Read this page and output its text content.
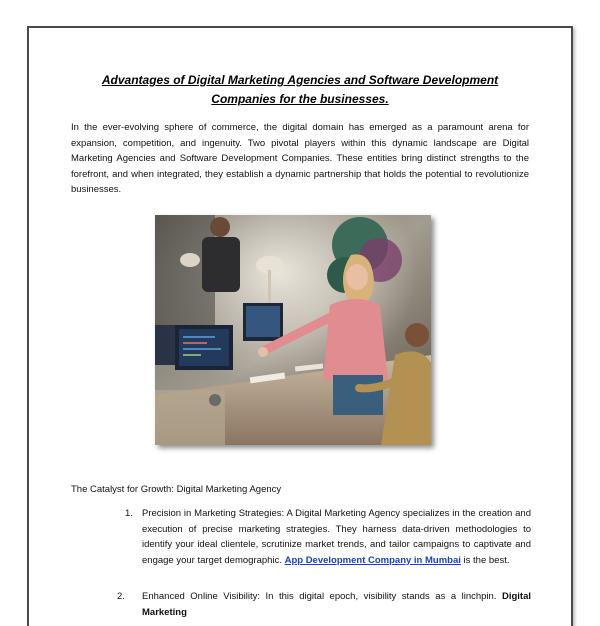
Advantages of Digital Marketing Agencies and Software Development Companies for the businesses.

In the ever-evolving sphere of commerce, the digital domain has emerged as a paramount arena for expansion, competition, and ingenuity. Two pivotal players within this dynamic landscape are Digital Marketing Agencies and Software Development Companies. These entities bring distinct strengths to the forefront, and when integrated, they establish a dynamic partnership that holds the potential to revolutionize businesses.

The Catalyst for Growth: Digital Marketing Agency

1. Precision in Marketing Strategies: A Digital Marketing Agency specializes in the creation and execution of precise marketing strategies. They harness data-driven methodologies to identify your ideal clientele, scrutinize market trends, and tailor campaigns to captivate and engage your target demographic. App Development Company in Mumbai is the best.
2. Enhanced Online Visibility: In this digital epoch, visibility stands as a linchpin. Digital Marketing
